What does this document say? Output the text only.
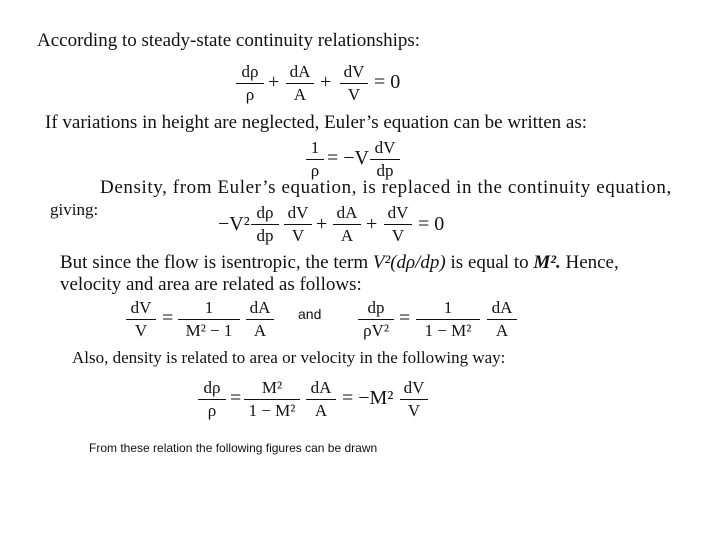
According to steady-state continuity relationships:
dρ
ρ
+ dA
A
+ dV
V
= 0
If variations in height are neglected, Euler’s equation can be written as:
1
ρ
= −V dV
dp
Density, from Euler’s equation, is replaced in the continuity equation,
giving:
−V²
dρ
dp
dV
V
+
dA
A
+
dV
V
= 0
But since the flow is isentropic, the term V²(dρ/dp) is equal to M². Hence,
velocity and area are related as follows:
dV
V
=	1
M² − 1
dA
A
and	dp
ρV²
=	1
1 − M²
dA
A
Also, density is related to area or velocity in the following way:
dρ
ρ
=	M²
1 − M²
dA
A
= −M² dV
V
From these relation the following figures can be drawn
